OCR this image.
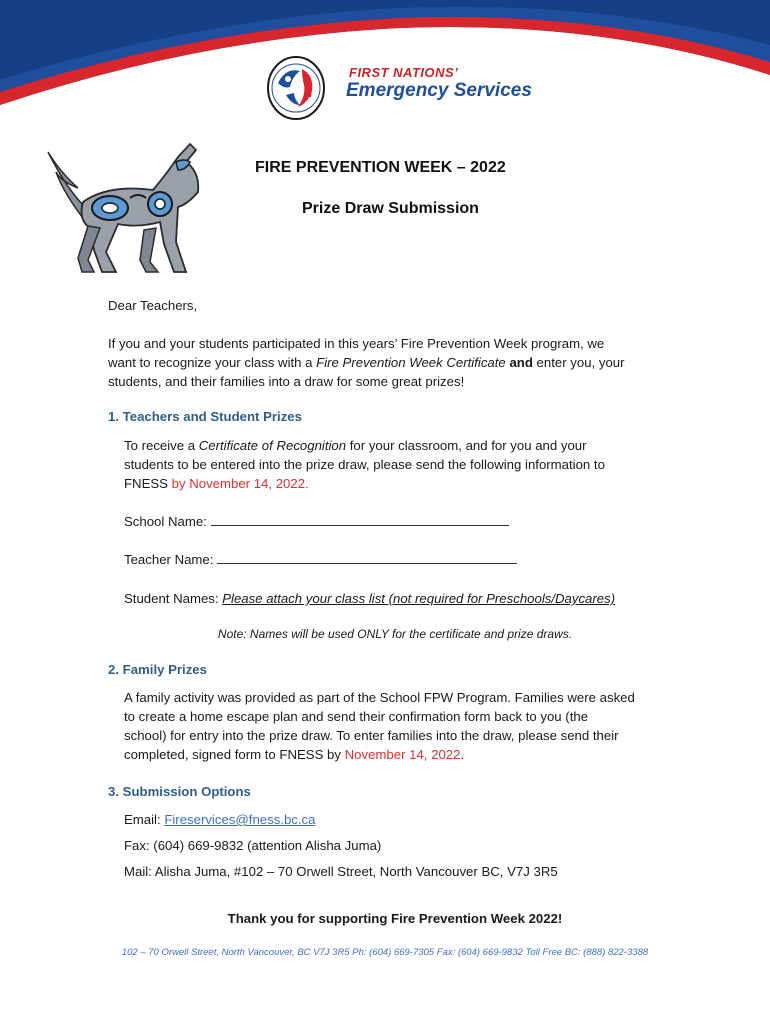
FIRST NATIONS’
Emergency Services
FIRE PREVENTION WEEK – 2022
Prize Draw Submission
Dear Teachers,
If you and your students participated in this years’ Fire Prevention Week program, we
want to recognize your class with a Fire Prevention Week Certificate and enter you, your
students, and their families into a draw for some great prizes!
1. Teachers and Student Prizes
To receive a Certificate of Recognition for your classroom, and for you and your
students to be entered into the prize draw, please send the following information to
FNESS by November 14, 2022.
School Name:
Teacher Name:
Student Names: Please attach your class list (not required for Preschools/Daycares)
Note: Names will be used ONLY for the certificate and prize draws.
2. Family Prizes
A family activity was provided as part of the School FPW Program. Families were asked
to create a home escape plan and send their confirmation form back to you (the
school) for entry into the prize draw. To enter families into the draw, please send their
completed, signed form to FNESS by November 14, 2022.
3. Submission Options
Email: Fireservices@fness.bc.ca
Fax: (604) 669-9832 (attention Alisha Juma)
Mail: Alisha Juma, #102 – 70 Orwell Street, North Vancouver BC, V7J 3R5
Thank you for supporting Fire Prevention Week 2022!
102 – 70 Orwell Street, North Vancouver, BC V7J 3R5 Ph: (604) 669-7305 Fax: (604) 669-9832 Toll Free BC: (888) 822-3388
